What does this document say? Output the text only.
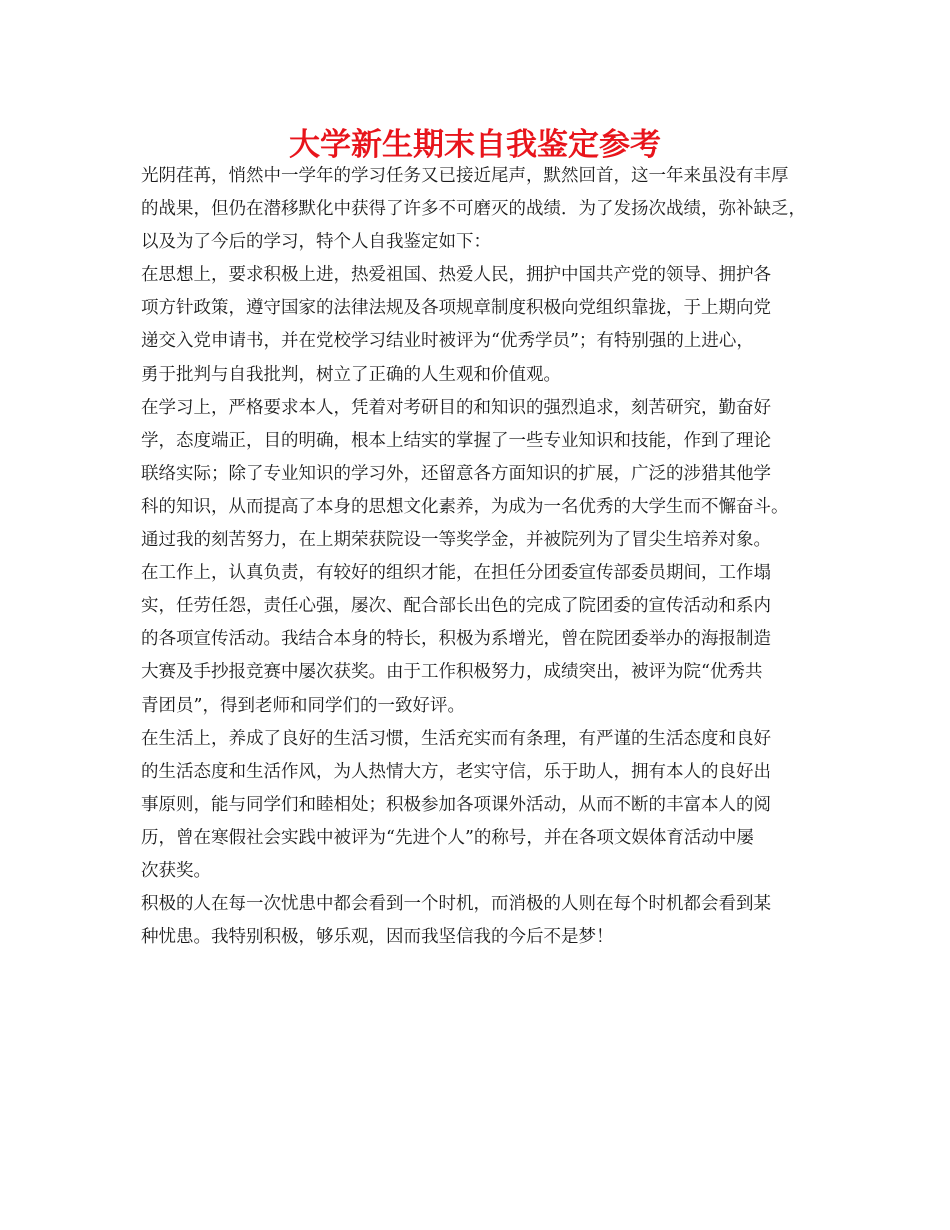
大学新生期末自我鉴定参考
光阴荏苒，悄然中一学年的学习任务又已接近尾声，默然回首，这一年来虽没有丰厚
的战果，但仍在潜移默化中获得了许多不可磨灭的战绩．为了发扬次战绩，弥补缺乏，
以及为了今后的学习，特个人自我鉴定如下：
在思想上，要求积极上进，热爱祖国、热爱人民，拥护中国共产党的领导、拥护各
项方针政策，遵守国家的法律法规及各项规章制度积极向党组织靠拢，于上期向党
递交入党申请书，并在党校学习结业时被评为“优秀学员”；有特别强的上进心，
勇于批判与自我批判，树立了正确的人生观和价值观。
在学习上，严格要求本人，凭着对考研目的和知识的强烈追求，刻苦研究，勤奋好
学，态度端正，目的明确，根本上结实的掌握了一些专业知识和技能，作到了理论
联络实际；除了专业知识的学习外，还留意各方面知识的扩展，广泛的涉猎其他学
科的知识，从而提高了本身的思想文化素养，为成为一名优秀的大学生而不懈奋斗。
通过我的刻苦努力，在上期荣获院设一等奖学金，并被院列为了冒尖生培养对象。
在工作上，认真负责，有较好的组织才能，在担任分团委宣传部委员期间，工作塌
实，任劳任怨，责任心强，屡次、配合部长出色的完成了院团委的宣传活动和系内
的各项宣传活动。我结合本身的特长，积极为系增光，曾在院团委举办的海报制造
大赛及手抄报竞赛中屡次获奖。由于工作积极努力，成绩突出，被评为院“优秀共
青团员”，得到老师和同学们的一致好评。
在生活上，养成了良好的生活习惯，生活充实而有条理，有严谨的生活态度和良好
的生活态度和生活作风，为人热情大方，老实守信，乐于助人，拥有本人的良好出
事原则，能与同学们和睦相处；积极参加各项课外活动，从而不断的丰富本人的阅
历，曾在寒假社会实践中被评为“先进个人”的称号，并在各项文娱体育活动中屡
次获奖。
积极的人在每一次忧患中都会看到一个时机，而消极的人则在每个时机都会看到某
种忧患。我特别积极，够乐观，因而我坚信我的今后不是梦！
